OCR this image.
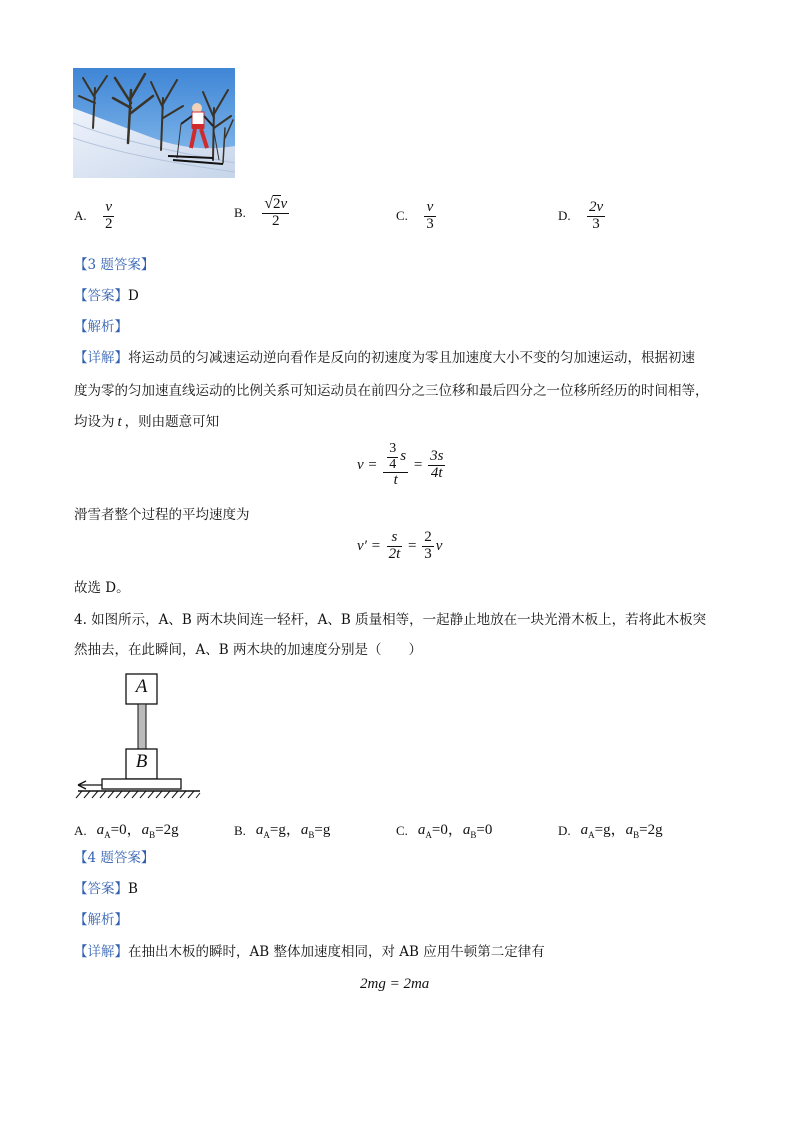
A. $\frac{v}{2}$	B. $\frac{√2v}{2}$	C. $\frac{v}{3}$	D. $\frac{2v}{3}$
【3 题答案】
【答案】D
【解析】
【详解】将运动员的匀减速运动逆向看作是反向的初速度为零且加速度大小不变的匀加速运动，根据初速
度为零的匀加速直线运动的比例关系可知运动员在前四分之三位移和最后四分之一位移所经历的时间相等，
均设为 t ，则由题意可知
$v = \frac{\frac{3}{4} s}{t} = \frac{3s}{4t}$
滑雪者整个过程的平均速度为
$v' = \frac{s}{2t} = \frac{2}{3}$ v
故选 D。
4. 如图所示，A、B 两木块间连一轻杆，A、B 质量相等，一起静止地放在一块光滑木板上，若将此木板突
然抽去，在此瞬间，A、B 两木块的加速度分别是（　　）
A
B
A. $a_A=0$，$a_B=2g$	B. $a_A=g$，$a_B=g$	C. $a_A=0$，$a_B=0$	D. $a_A=g$，$a_B=2g$
【4 题答案】
【答案】B
【解析】
【详解】在抽出木板的瞬时，AB 整体加速度相同，对 AB 应用牛顿第二定律有
2mg = 2ma
